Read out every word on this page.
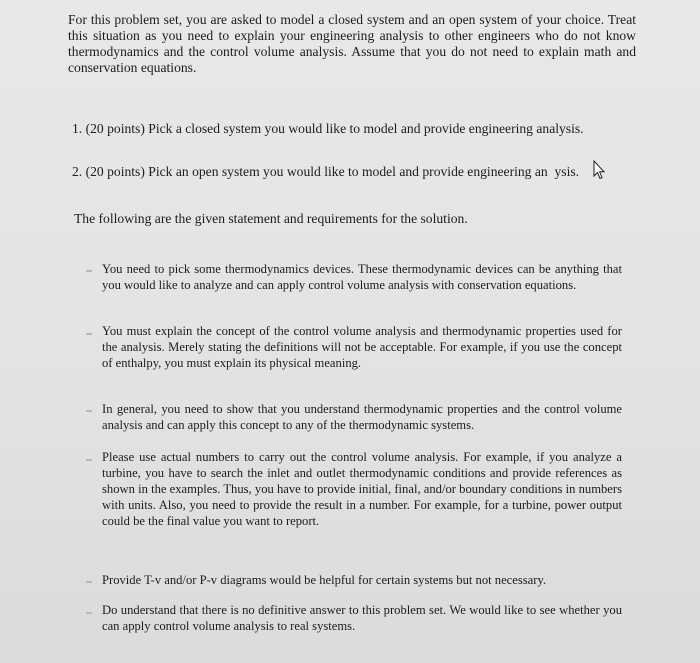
For this problem set, you are asked to model a closed system and an open system of your choice. Treat this situation as you need to explain your engineering analysis to other engineers who do not know thermodynamics and the control volume analysis. Assume that you do not need to explain math and conservation equations.

1. (20 points) Pick a closed system you would like to model and provide engineering analysis.

2. (20 points) Pick an open system you would like to model and provide engineering an  ysis.

The following are the given statement and requirements for the solution.

You need to pick some thermodynamics devices. These thermodynamic devices can be anything that you would like to analyze and can apply control volume analysis with conservation equations.

You must explain the concept of the control volume analysis and thermodynamic properties used for the analysis. Merely stating the definitions will not be acceptable. For example, if you use the concept of enthalpy, you must explain its physical meaning.

In general, you need to show that you understand thermodynamic properties and the control volume analysis and can apply this concept to any of the thermodynamic systems.

Please use actual numbers to carry out the control volume analysis. For example, if you analyze a turbine, you have to search the inlet and outlet thermodynamic conditions and provide references as shown in the examples. Thus, you have to provide initial, final, and/or boundary conditions in numbers with units. Also, you need to provide the result in a number. For example, for a turbine, power output could be the final value you want to report.

Provide T-v and/or P-v diagrams would be helpful for certain systems but not necessary.

Do understand that there is no definitive answer to this problem set. We would like to see whether you can apply control volume analysis to real systems.
